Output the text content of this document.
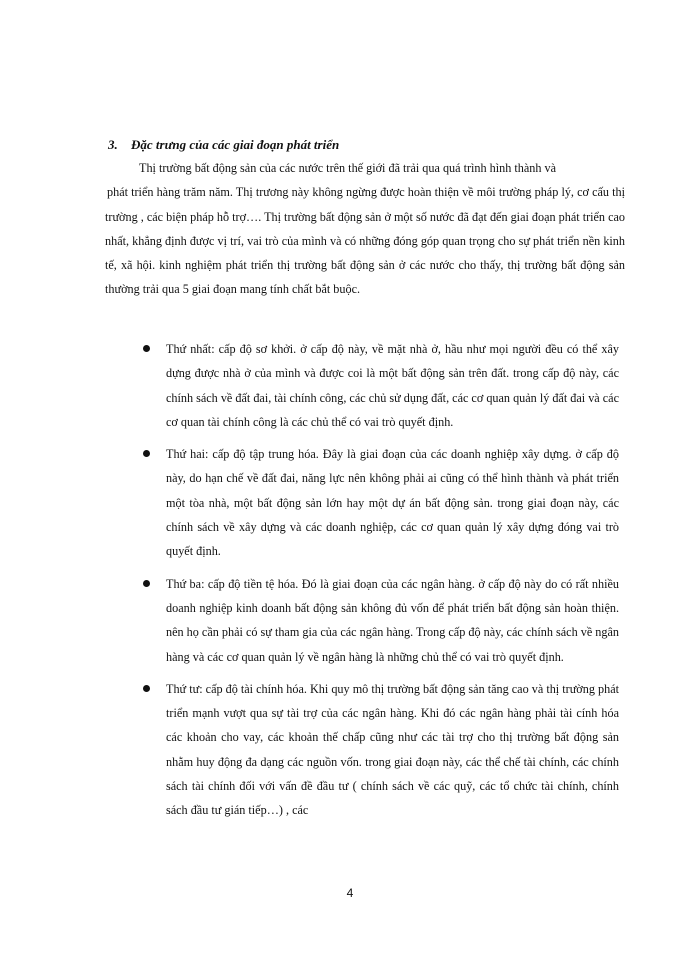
3. Đặc trưng của các giai đoạn phát triển
Thị trường bất động sản của các nước trên thế giới đã trải qua quá trình hình thành và
phát triển hàng trăm năm. Thị trương này không ngừng được hoàn thiện về môi trường pháp lý, cơ cấu thị trường , các biện pháp hỗ trợ…. Thị trường bất động sản ở một số nước đã đạt đến giai đoạn phát triển cao nhất, khẳng định được vị trí, vai trò của mình và có những đóng góp quan trọng cho sự phát triển nền kinh tế, xã hội. kinh nghiệm phát triển thị trường bất động sản ở các nước cho thấy, thị trường bất động sản thường trải qua 5 giai đoạn mang tính chất bắt buộc.
Thứ nhất: cấp độ sơ khởi. ở cấp độ này, về mặt nhà ở, hầu như mọi người đều có thể xây dựng được nhà ở của mình và được coi là một bất động sản trên đất. trong cấp độ này, các chính sách về đất đai, tài chính công, các chủ sử dụng đất, các cơ quan quản lý đất đai và các cơ quan tài chính công là các chủ thể có vai trò quyết định.
Thứ hai: cấp độ tập trung hóa. Đây là giai đoạn của các doanh nghiệp xây dựng. ở cấp độ này, do hạn chế về đất đai, năng lực nên không phải ai cũng có thể hình thành và phát triển một tòa nhà, một bất động sản lớn hay một dự án bất động sản. trong giai đoạn này, các chính sách về xây dựng và các doanh nghiệp, các cơ quan quản lý xây dựng đóng vai trò quyết định.
Thứ ba: cấp độ tiền tệ hóa. Đó là giai đoạn của các ngân hàng. ở cấp độ này do có rất nhiều doanh nghiệp kinh doanh bất động sản không đủ vốn để phát triển bất động sản hoàn thiện. nên họ cần phải có sự tham gia của các ngân hàng. Trong cấp độ này, các chính sách về ngân hàng và các cơ quan quản lý về ngân hàng là những chủ thể có vai trò quyết định.
Thứ tư: cấp độ tài chính hóa. Khi quy mô thị trường bất động sản tăng cao và thị trường phát triển mạnh vượt qua sự tài trợ của các ngân hàng. Khi đó các ngân hàng phải tài cính hóa các khoản cho vay, các khoản thế chấp cũng như các tài trợ cho thị trường bất động sản nhằm huy động đa dạng các nguồn vốn. trong giai đoạn này, các thể chế tài chính, các chính sách tài chính đối với vấn đề đầu tư ( chính sách về các quỹ, các tổ chức tài chính, chính sách đầu tư gián tiếp…) , các
4
